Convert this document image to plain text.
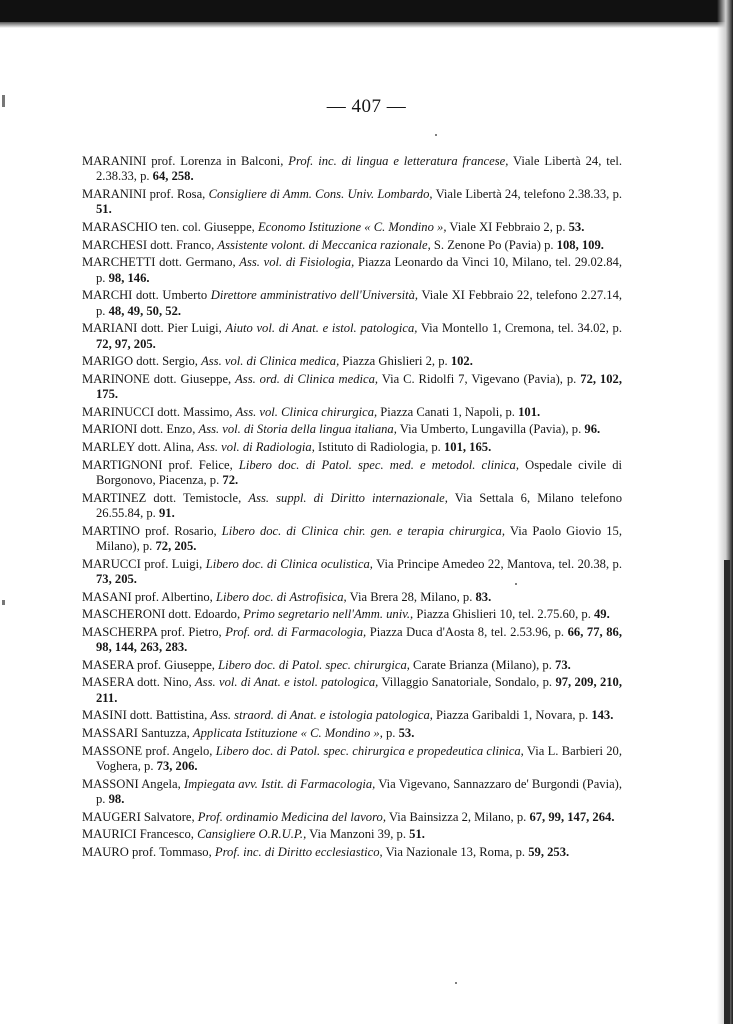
— 407 —
MARANINI prof. Lorenza in Balconi, Prof. inc. di lingua e letteratura francese, Viale Libertà 24, tel. 2.38.33, p. 64, 258.
MARANINI prof. Rosa, Consigliere di Amm. Cons. Univ. Lombardo, Viale Libertà 24, telefono 2.38.33, p. 51.
MARASCHIO ten. col. Giuseppe, Economo Istituzione « C. Mondino », Viale XI Febbraio 2, p. 53.
MARCHESI dott. Franco, Assistente volont. di Meccanica razionale, S. Zenone Po (Pavia) p. 108, 109.
MARCHETTI dott. Germano, Ass. vol. di Fisiologia, Piazza Leonardo da Vinci 10, Milano, tel. 29.02.84, p. 98, 146.
MARCHI dott. Umberto Direttore amministrativo dell'Università, Viale XI Febbraio 22, telefono 2.27.14, p. 48, 49, 50, 52.
MARIANI dott. Pier Luigi, Aiuto vol. di Anat. e istol. patologica, Via Montello 1, Cremona, tel. 34.02, p. 72, 97, 205.
MARIGO dott. Sergio, Ass. vol. di Clinica medica, Piazza Ghislieri 2, p. 102.
MARINONE dott. Giuseppe, Ass. ord. di Clinica medica, Via C. Ridolfi 7, Vigevano (Pavia), p. 72, 102, 175.
MARINUCCI dott. Massimo, Ass. vol. Clinica chirurgica, Piazza Canati 1, Napoli, p. 101.
MARIONI dott. Enzo, Ass. vol. di Storia della lingua italiana, Via Umberto, Lungavilla (Pavia), p. 96.
MARLEY dott. Alina, Ass. vol. di Radiologia, Istituto di Radiologia, p. 101, 165.
MARTIGNONI prof. Felice, Libero doc. di Patol. spec. med. e metodol. clinica, Ospedale civile di Borgonovo, Piacenza, p. 72.
MARTINEZ dott. Temistocle, Ass. suppl. di Diritto internazionale, Via Settala 6, Milano telefono 26.55.84, p. 91.
MARTINO prof. Rosario, Libero doc. di Clinica chir. gen. e terapia chirurgica, Via Paolo Giovio 15, Milano), p. 72, 205.
MARUCCI prof. Luigi, Libero doc. di Clinica oculistica, Via Principe Amedeo 22, Mantova, tel. 20.38, p. 73, 205.
MASANI prof. Albertino, Libero doc. di Astrofisica, Via Brera 28, Milano, p. 83.
MASCHERONI dott. Edoardo, Primo segretario nell'Amm. univ., Piazza Ghislieri 10, tel. 2.75.60, p. 49.
MASCHERPA prof. Pietro, Prof. ord. di Farmacologia, Piazza Duca d'Aosta 8, tel. 2.53.96, p. 66, 77, 86, 98, 144, 263, 283.
MASERA prof. Giuseppe, Libero doc. di Patol. spec. chirurgica, Carate Brianza (Milano), p. 73.
MASERA dott. Nino, Ass. vol. di Anat. e istol. patologica, Villaggio Sanatoriale, Sondalo, p. 97, 209, 210, 211.
MASINI dott. Battistina, Ass. straord. di Anat. e istologia patologica, Piazza Garibaldi 1, Novara, p. 143.
MASSARI Santuzza, Applicata Istituzione « C. Mondino », p. 53.
MASSONE prof. Angelo, Libero doc. di Patol. spec. chirurgica e propedeutica clinica, Via L. Barbieri 20, Voghera, p. 73, 206.
MASSONI Angela, Impiegata avv. Istit. di Farmacologia, Via Vigevano, Sannazzaro de' Burgondi (Pavia), p. 98.
MAUGERI Salvatore, Prof. ordinamio Medicina del lavoro, Via Bainsizza 2, Milano, p. 67, 99, 147, 264.
MAURICI Francesco, Cansigliere O.R.U.P., Via Manzoni 39, p. 51.
MAURO prof. Tommaso, Prof. inc. di Diritto ecclesiastico, Via Nazionale 13, Roma, p. 59, 253.
